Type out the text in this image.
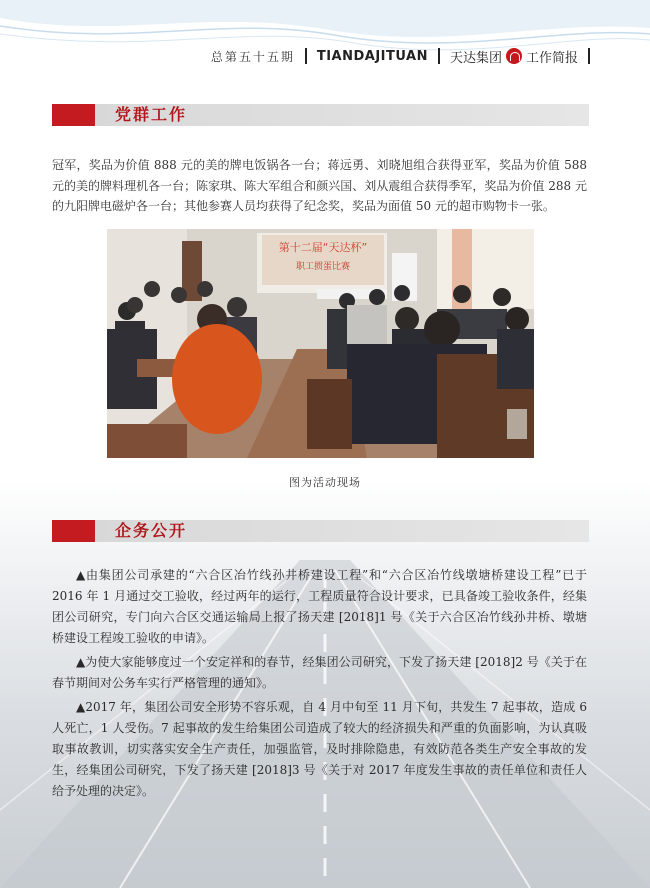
总第五十五期 TIANDAJITUAN 天达集团 工作简报
党群工作
冠军，奖品为价值 888 元的美的牌电饭锅各一台；蒋远勇、刘晓旭组合获得亚军，奖品为价值 588 元的美的牌料理机各一台；陈家琪、陈大军组合和颜兴国、刘从震组合获得季军，奖品为价值 288 元的九阳牌电磁炉各一台；其他参赛人员均获得了纪念奖，奖品为面值 50 元的超市购物卡一张。
第十二届“天达杯”
职工掼蛋比赛
图为活动现场
企务公开

▲由集团公司承建的“六合区冶竹线孙井桥建设工程”和“六合区冶竹线墩塘桥建设工程”已于 2016 年 1 月通过交工验收，经过两年的运行，工程质量符合设计要求，已具备竣工验收条件，经集团公司研究，专门向六合区交通运输局上报了扬天建 [2018]1 号《关于六合区冶竹线孙井桥、墩塘桥建设工程竣工验收的申请》。

▲为使大家能够度过一个安定祥和的春节，经集团公司研究，下发了扬天建 [2018]2 号《关于在春节期间对公务车实行严格管理的通知》。

▲2017 年，集团公司安全形势不容乐观，自 4 月中旬至 11 月下旬，共发生 7 起事故，造成 6 人死亡，1 人受伤。7 起事故的发生给集团公司造成了较大的经济损失和严重的负面影响，为认真吸取事故教训，切实落实安全生产责任，加强监管，及时排除隐患，有效防范各类生产安全事故的发生，经集团公司研究，下发了扬天建 [2018]3 号《关于对 2017 年度发生事故的责任单位和责任人给予处理的决定》。
